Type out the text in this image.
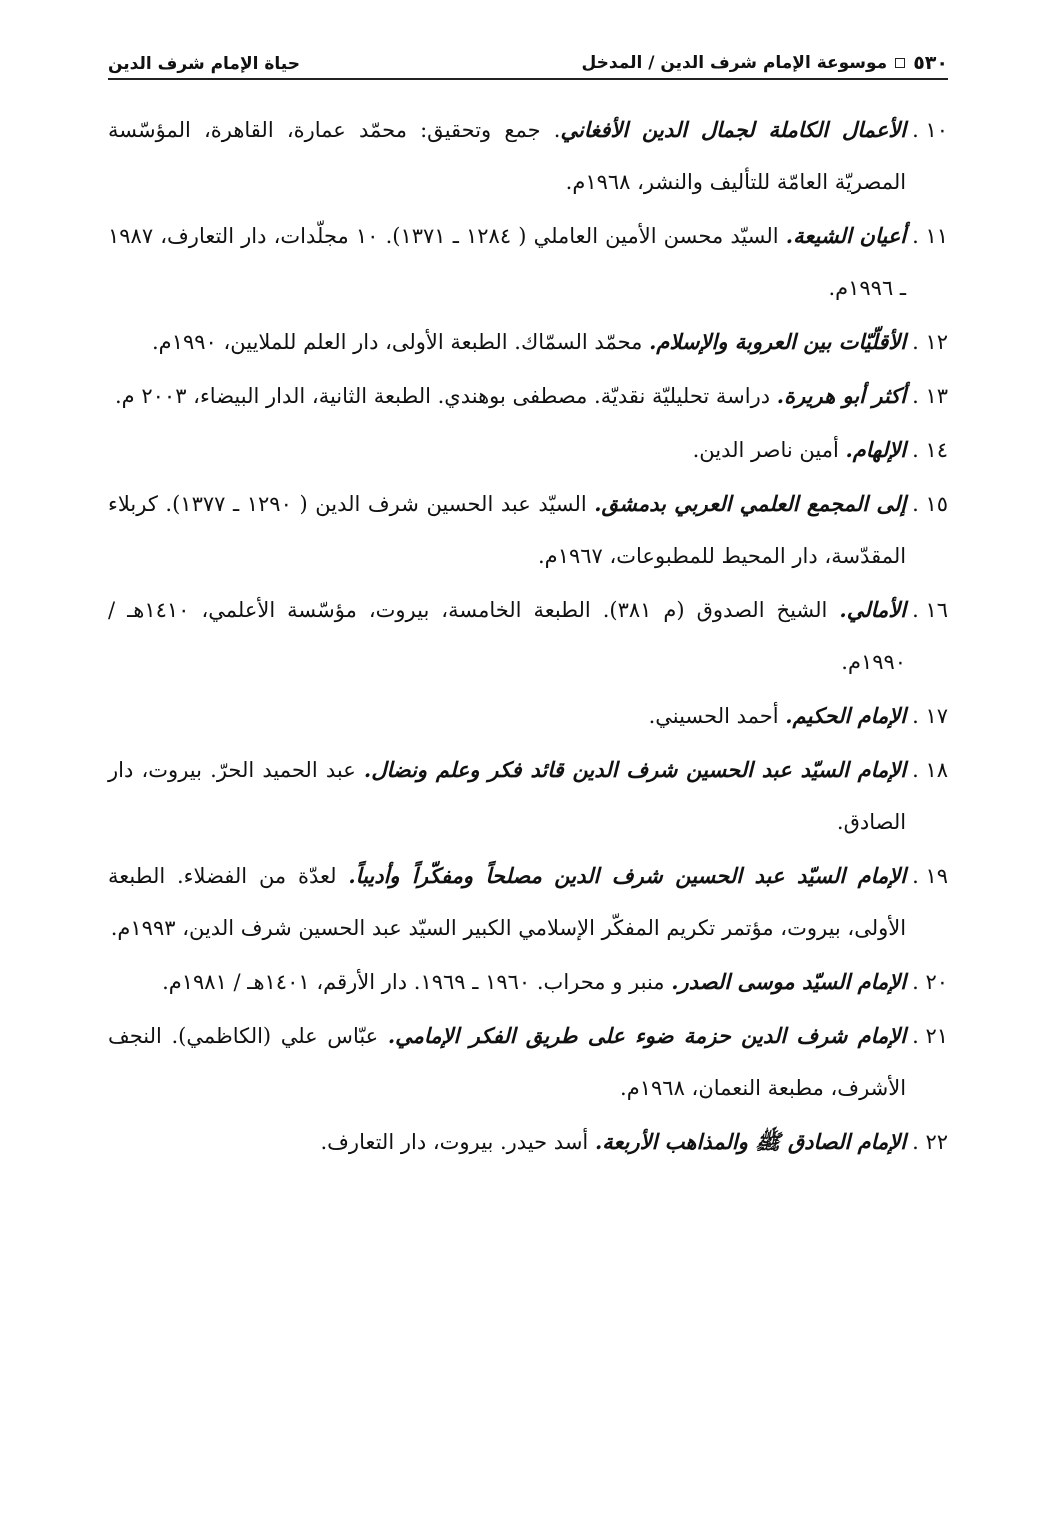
٥٣٠
موسوعة الإمام شرف الدين / المدخل
حياة الإمام شرف الدين
١٠ .
الأعمال الكاملة لجمال الدين الأفغاني. جمع وتحقيق: محمّد عمارة، القاهرة، المؤسّسة المصريّة العامّة للتأليف والنشر، ١٩٦٨م.
١١ .
أعيان الشيعة. السيّد محسن الأمين العاملي ( ١٢٨٤ ـ ١٣٧١). ١٠ مجلّدات، دار التعارف، ١٩٨٧ ـ ١٩٩٦م.
١٢ .
الأقلّيّات بين العروبة والإسلام. محمّد السمّاك. الطبعة الأولى، دار العلم للملايين، ١٩٩٠م.
١٣ .
أكثر أبو هريرة. دراسة تحليليّة نقديّة. مصطفى بوهندي. الطبعة الثانية، الدار البيضاء، ٢٠٠٣ م.
١٤ .
الإلهام. أمين ناصر الدين.
١٥ .
إلى المجمع العلمي العربي بدمشق. السيّد عبد الحسين شرف الدين ( ١٢٩٠ ـ ١٣٧٧). كربلاء المقدّسة، دار المحيط للمطبوعات، ١٩٦٧م.
١٦ .
الأمالي. الشيخ الصدوق (م ٣٨١). الطبعة الخامسة، بيروت، مؤسّسة الأعلمي، ١٤١٠هـ / ١٩٩٠م.
١٧ .
الإمام الحكيم. أحمد الحسيني.
١٨ .
الإمام السيّد عبد الحسين شرف الدين قائد فكر وعلم ونضال. عبد الحميد الحرّ. بيروت، دار الصادق.
١٩ .
الإمام السيّد عبد الحسين شرف الدين مصلحاً ومفكّراً وأديباً. لعدّة من الفضلاء. الطبعة الأولى، بيروت، مؤتمر تكريم المفكّر الإسلامي الكبير السيّد عبد الحسين شرف الدين، ١٩٩٣م.
٢٠ .
الإمام السيّد موسى الصدر. منبر و محراب. ١٩٦٠ ـ ١٩٦٩. دار الأرقم، ١٤٠١هـ / ١٩٨١م.
٢١ .
الإمام شرف الدين حزمة ضوء على طريق الفكر الإمامي. عبّاس علي (الكاظمي). النجف الأشرف، مطبعة النعمان، ١٩٦٨م.
٢٢ .
الإمام الصادق ﷺ والمذاهب الأربعة. أسد حيدر. بيروت، دار التعارف.
